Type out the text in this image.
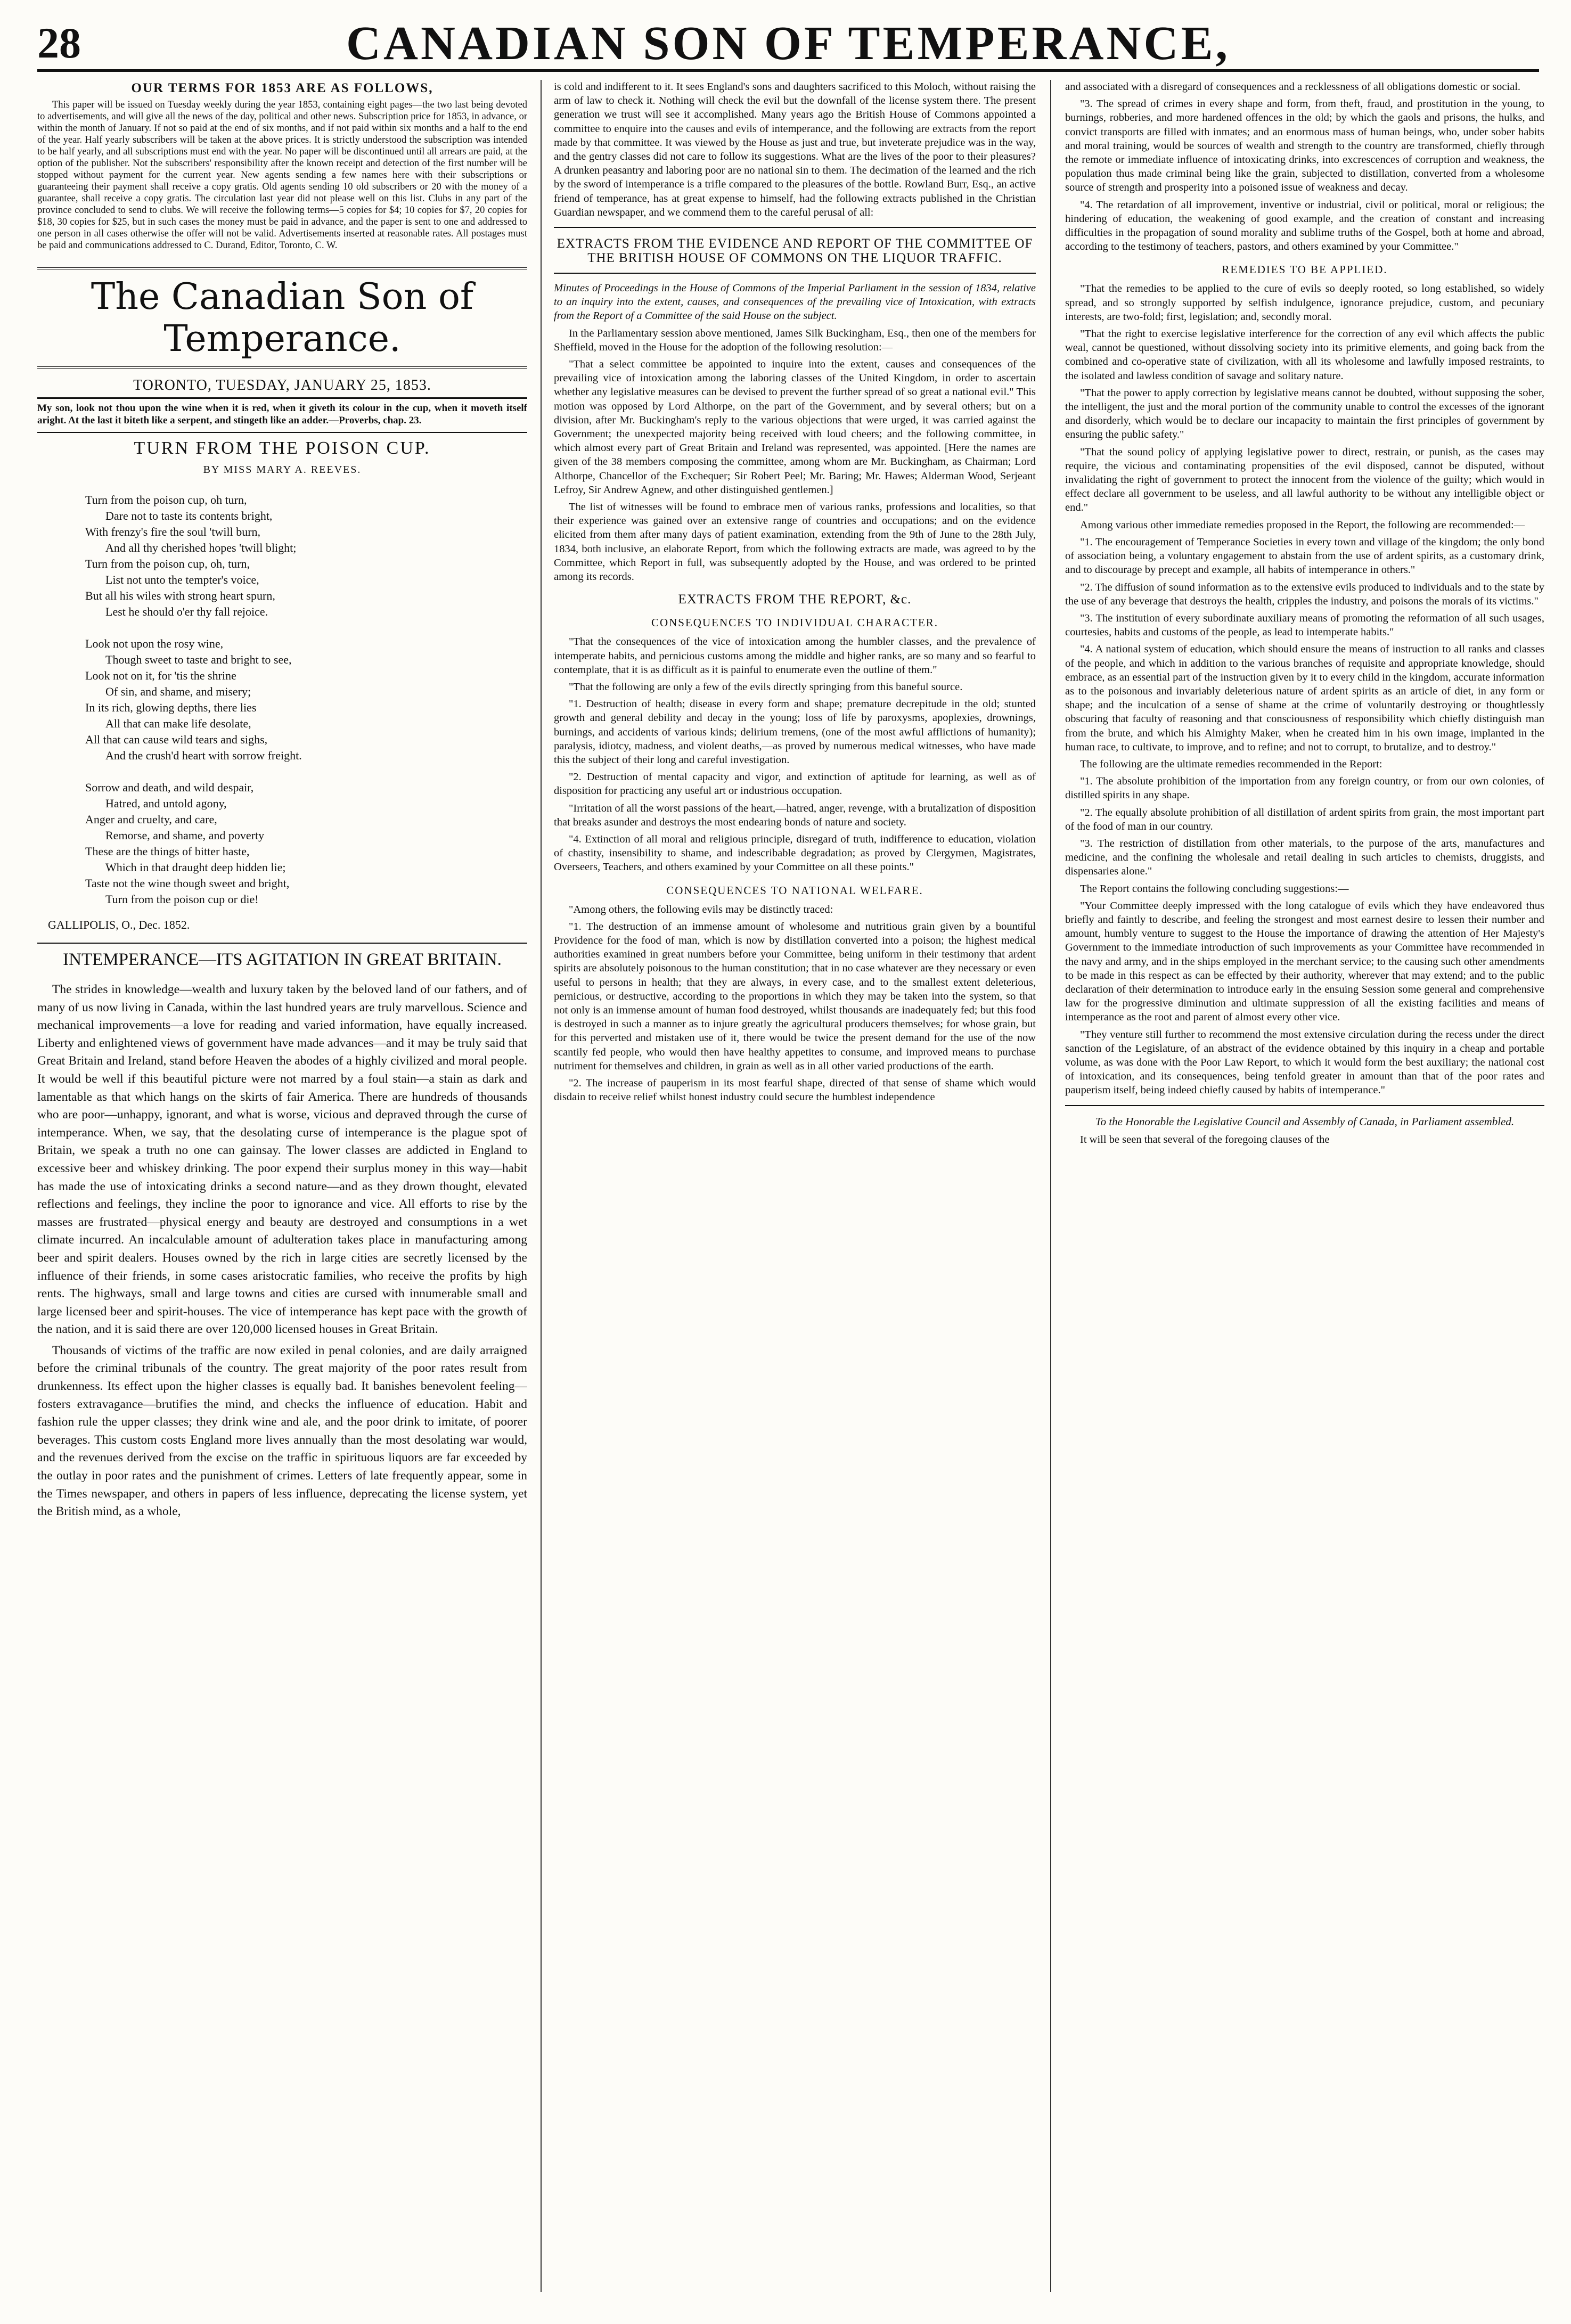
28	CANADIAN SON OF TEMPERANCE,
OUR TERMS FOR 1853 ARE AS FOLLOWS,

This paper will be issued on Tuesday weekly during the year 1853, containing eight pages—the two last being devoted to advertisements, and will give all the news of the day, political and other news. Subscription price for 1853, in advance, or within the month of January. If not so paid at the end of six months, and if not paid within six months and a half to the end of the year. Half yearly subscribers will be taken at the above prices. It is strictly understood the subscription was intended to be half yearly, and all subscriptions must end with the year. No paper will be discontinued until all arrears are paid, at the option of the publisher. Not the subscribers' responsibility after the known receipt and detection of the first number will be stopped without payment for the current year. New agents sending a few names here with their subscriptions or guaranteeing their payment shall receive a copy gratis. Old agents sending 10 old subscribers or 20 with the money of a guarantee, shall receive a copy gratis. The circulation last year did not please well on this list. Clubs in any part of the province concluded to send to clubs. We will receive the following terms—5 copies for $4; 10 copies for $7, 20 copies for $18, 30 copies for $25, but in such cases the money must be paid in advance, and the paper is sent to one and addressed to one person in all cases otherwise the offer will not be valid. Advertisements inserted at reasonable rates. All postages must be paid and communications addressed to C. Durand, Editor, Toronto, C. W.

The Canadian Son of Temperance.
TORONTO, TUESDAY, JANUARY 25, 1853.

My son, look not thou upon the wine when it is red, when it giveth its colour in the cup, when it moveth itself aright. At the last it biteth like a serpent, and stingeth like an adder.—Proverbs, chap. 23.

TURN FROM THE POISON CUP.
BY MISS MARY A. REEVES.
Turn from the poison cup, oh turn,
Dare not to taste its contents bright,
With frenzy's fire the soul 'twill burn,
And all thy cherished hopes 'twill blight;
Turn from the poison cup, oh, turn,
List not unto the tempter's voice,
But all his wiles with strong heart spurn,
Lest he should o'er thy fall rejoice.
Look not upon the rosy wine,
Though sweet to taste and bright to see,
Look not on it, for 'tis the shrine
Of sin, and shame, and misery;
In its rich, glowing depths, there lies
All that can make life desolate,
All that can cause wild tears and sighs,
And the crush'd heart with sorrow freight.
Sorrow and death, and wild despair,
Hatred, and untold agony,
Anger and cruelty, and care,
Remorse, and shame, and poverty
These are the things of bitter haste,
Which in that draught deep hidden lie;
Taste not the wine though sweet and bright,
Turn from the poison cup or die!
GALLIPOLIS, O., Dec. 1852.
INTEMPERANCE—ITS AGITATION IN GREAT BRITAIN.

The strides in knowledge—wealth and luxury taken by the beloved land of our fathers, and of many of us now living in Canada, within the last hundred years are truly marvellous. Science and mechanical improvements—a love for reading and varied information, have equally increased. Liberty and enlightened views of government have made advances—and it may be truly said that Great Britain and Ireland, stand before Heaven the abodes of a highly civilized and moral people. It would be well if this beautiful picture were not marred by a foul stain—a stain as dark and lamentable as that which hangs on the skirts of fair America. There are hundreds of thousands who are poor—unhappy, ignorant, and what is worse, vicious and depraved through the curse of intemperance. When, we say, that the desolating curse of intemperance is the plague spot of Britain, we speak a truth no one can gainsay. The lower classes are addicted in England to excessive beer and whiskey drinking. The poor expend their surplus money in this way—habit has made the use of intoxicating drinks a second nature—and as they drown thought, elevated reflections and feelings, they incline the poor to ignorance and vice. All efforts to rise by the masses are frustrated—physical energy and beauty are destroyed and consumptions in a wet climate incurred. An incalculable amount of adulteration takes place in manufacturing among beer and spirit dealers. Houses owned by the rich in large cities are secretly licensed by the influence of their friends, in some cases aristocratic families, who receive the profits by high rents. The highways, small and large towns and cities are cursed with innumerable small and large licensed beer and spirit-houses. The vice of intemperance has kept pace with the growth of the nation, and it is said there are over 120,000 licensed houses in Great Britain.

Thousands of victims of the traffic are now exiled in penal colonies, and are daily arraigned before the criminal tribunals of the country. The great majority of the poor rates result from drunkenness. Its effect upon the higher classes is equally bad. It banishes benevolent feeling—fosters extravagance—brutifies the mind, and checks the influence of education. Habit and fashion rule the upper classes; they drink wine and ale, and the poor drink to imitate, of poorer beverages. This custom costs England more lives annually than the most desolating war would, and the revenues derived from the excise on the traffic in spirituous liquors are far exceeded by the outlay in poor rates and the punishment of crimes. Letters of late frequently appear, some in the Times newspaper, and others in papers of less influence, deprecating the license system, yet the British mind, as a whole,

is cold and indifferent to it. It sees England's sons and daughters sacrificed to this Moloch, without raising the arm of law to check it. Nothing will check the evil but the downfall of the license system there. The present generation we trust will see it accomplished. Many years ago the British House of Commons appointed a committee to enquire into the causes and evils of intemperance, and the following are extracts from the report made by that committee. It was viewed by the House as just and true, but inveterate prejudice was in the way, and the gentry classes did not care to follow its suggestions. What are the lives of the poor to their pleasures? A drunken peasantry and laboring poor are no national sin to them. The decimation of the learned and the rich by the sword of intemperance is a trifle compared to the pleasures of the bottle. Rowland Burr, Esq., an active friend of temperance, has at great expense to himself, had the following extracts published in the Christian Guardian newspaper, and we commend them to the careful perusal of all:

EXTRACTS FROM THE EVIDENCE AND REPORT OF THE COMMITTEE OF THE BRITISH HOUSE OF COMMONS ON THE LIQUOR TRAFFIC.

Minutes of Proceedings in the House of Commons of the Imperial Parliament in the session of 1834, relative to an inquiry into the extent, causes, and consequences of the prevailing vice of Intoxication, with extracts from the Report of a Committee of the said House on the subject.

In the Parliamentary session above mentioned, James Silk Buckingham, Esq., then one of the members for Sheffield, moved in the House for the adoption of the following resolution:—

"That a select committee be appointed to inquire into the extent, causes and consequences of the prevailing vice of intoxication among the laboring classes of the United Kingdom, in order to ascertain whether any legislative measures can be devised to prevent the further spread of so great a national evil." This motion was opposed by Lord Althorpe, on the part of the Government, and by several others; but on a division, after Mr. Buckingham's reply to the various objections that were urged, it was carried against the Government; the unexpected majority being received with loud cheers; and the following committee, in which almost every part of Great Britain and Ireland was represented, was appointed. [Here the names are given of the 38 members composing the committee, among whom are Mr. Buckingham, as Chairman; Lord Althorpe, Chancellor of the Exchequer; Sir Robert Peel; Mr. Baring; Mr. Hawes; Alderman Wood, Serjeant Lefroy, Sir Andrew Agnew, and other distinguished gentlemen.]

The list of witnesses will be found to embrace men of various ranks, professions and localities, so that their experience was gained over an extensive range of countries and occupations; and on the evidence elicited from them after many days of patient examination, extending from the 9th of June to the 28th July, 1834, both inclusive, an elaborate Report, from which the following extracts are made, was agreed to by the Committee, which Report in full, was subsequently adopted by the House, and was ordered to be printed among its records.

EXTRACTS FROM THE REPORT, &c.
CONSEQUENCES TO INDIVIDUAL CHARACTER.

"That the consequences of the vice of intoxication among the humbler classes, and the prevalence of intemperate habits, and pernicious customs among the middle and higher ranks, are so many and so fearful to contemplate, that it is as difficult as it is painful to enumerate even the outline of them."

"That the following are only a few of the evils directly springing from this baneful source.

"1. Destruction of health; disease in every form and shape; premature decrepitude in the old; stunted growth and general debility and decay in the young; loss of life by paroxysms, apoplexies, drownings, burnings, and accidents of various kinds; delirium tremens, (one of the most awful afflictions of humanity); paralysis, idiotcy, madness, and violent deaths,—as proved by numerous medical witnesses, who have made this the subject of their long and careful investigation.

"2. Destruction of mental capacity and vigor, and extinction of aptitude for learning, as well as of disposition for practicing any useful art or industrious occupation.

"Irritation of all the worst passions of the heart,—hatred, anger, revenge, with a brutalization of disposition that breaks asunder and destroys the most endearing bonds of nature and society.

"4. Extinction of all moral and religious principle, disregard of truth, indifference to education, violation of chastity, insensibility to shame, and indescribable degradation; as proved by Clergymen, Magistrates, Overseers, Teachers, and others examined by your Committee on all these points."

CONSEQUENCES TO NATIONAL WELFARE.

"Among others, the following evils may be distinctly traced:

"1. The destruction of an immense amount of wholesome and nutritious grain given by a bountiful Providence for the food of man, which is now by distillation converted into a poison; the highest medical authorities examined in great numbers before your Committee, being uniform in their testimony that ardent spirits are absolutely poisonous to the human constitution; that in no case whatever are they necessary or even useful to persons in health; that they are always, in every case, and to the smallest extent deleterious, pernicious, or destructive, according to the proportions in which they may be taken into the system, so that not only is an immense amount of human food destroyed, whilst thousands are inadequately fed; but this food is destroyed in such a manner as to injure greatly the agricultural producers themselves; for whose grain, but for this perverted and mistaken use of it, there would be twice the present demand for the use of the now scantily fed people, who would then have healthy appetites to consume, and improved means to purchase nutriment for themselves and children, in grain as well as in all other varied productions of the earth.

"2. The increase of pauperism in its most fearful shape, directed of that sense of shame which would disdain to receive relief whilst honest industry could secure the humblest independence

and associated with a disregard of consequences and a recklessness of all obligations domestic or social.

"3. The spread of crimes in every shape and form, from theft, fraud, and prostitution in the young, to burnings, robberies, and more hardened offences in the old; by which the gaols and prisons, the hulks, and convict transports are filled with inmates; and an enormous mass of human beings, who, under sober habits and moral training, would be sources of wealth and strength to the country are transformed, chiefly through the remote or immediate influence of intoxicating drinks, into excrescences of corruption and weakness, the population thus made criminal being like the grain, subjected to distillation, converted from a wholesome source of strength and prosperity into a poisoned issue of weakness and decay.

"4. The retardation of all improvement, inventive or industrial, civil or political, moral or religious; the hindering of education, the weakening of good example, and the creation of constant and increasing difficulties in the propagation of sound morality and sublime truths of the Gospel, both at home and abroad, according to the testimony of teachers, pastors, and others examined by your Committee."

REMEDIES TO BE APPLIED.

"That the remedies to be applied to the cure of evils so deeply rooted, so long established, so widely spread, and so strongly supported by selfish indulgence, ignorance prejudice, custom, and pecuniary interests, are two-fold; first, legislation; and, secondly moral.

"That the right to exercise legislative interference for the correction of any evil which affects the public weal, cannot be questioned, without dissolving society into its primitive elements, and going back from the combined and co-operative state of civilization, with all its wholesome and lawfully imposed restraints, to the isolated and lawless condition of savage and solitary nature.

"That the power to apply correction by legislative means cannot be doubted, without supposing the sober, the intelligent, the just and the moral portion of the community unable to control the excesses of the ignorant and disorderly, which would be to declare our incapacity to maintain the first principles of government by ensuring the public safety."

"That the sound policy of applying legislative power to direct, restrain, or punish, as the cases may require, the vicious and contaminating propensities of the evil disposed, cannot be disputed, without invalidating the right of government to protect the innocent from the violence of the guilty; which would in effect declare all government to be useless, and all lawful authority to be without any intelligible object or end."

Among various other immediate remedies proposed in the Report, the following are recommended:—

"1. The encouragement of Temperance Societies in every town and village of the kingdom; the only bond of association being, a voluntary engagement to abstain from the use of ardent spirits, as a customary drink, and to discourage by precept and example, all habits of intemperance in others."

"2. The diffusion of sound information as to the extensive evils produced to individuals and to the state by the use of any beverage that destroys the health, cripples the industry, and poisons the morals of its victims."

"3. The institution of every subordinate auxiliary means of promoting the reformation of all such usages, courtesies, habits and customs of the people, as lead to intemperate habits."

"4. A national system of education, which should ensure the means of instruction to all ranks and classes of the people, and which in addition to the various branches of requisite and appropriate knowledge, should embrace, as an essential part of the instruction given by it to every child in the kingdom, accurate information as to the poisonous and invariably deleterious nature of ardent spirits as an article of diet, in any form or shape; and the inculcation of a sense of shame at the crime of voluntarily destroying or thoughtlessly obscuring that faculty of reasoning and that consciousness of responsibility which chiefly distinguish man from the brute, and which his Almighty Maker, when he created him in his own image, implanted in the human race, to cultivate, to improve, and to refine; and not to corrupt, to brutalize, and to destroy."

The following are the ultimate remedies recommended in the Report:

"1. The absolute prohibition of the importation from any foreign country, or from our own colonies, of distilled spirits in any shape.

"2. The equally absolute prohibition of all distillation of ardent spirits from grain, the most important part of the food of man in our country.

"3. The restriction of distillation from other materials, to the purpose of the arts, manufactures and medicine, and the confining the wholesale and retail dealing in such articles to chemists, druggists, and dispensaries alone."

The Report contains the following concluding suggestions:—

"Your Committee deeply impressed with the long catalogue of evils which they have endeavored thus briefly and faintly to describe, and feeling the strongest and most earnest desire to lessen their number and amount, humbly venture to suggest to the House the importance of drawing the attention of Her Majesty's Government to the immediate introduction of such improvements as your Committee have recommended in the navy and army, and in the ships employed in the merchant service; to the causing such other amendments to be made in this respect as can be effected by their authority, wherever that may extend; and to the public declaration of their determination to introduce early in the ensuing Session some general and comprehensive law for the progressive diminution and ultimate suppression of all the existing facilities and means of intemperance as the root and parent of almost every other vice.

"They venture still further to recommend the most extensive circulation during the recess under the direct sanction of the Legislature, of an abstract of the evidence obtained by this inquiry in a cheap and portable volume, as was done with the Poor Law Report, to which it would form the best auxiliary; the national cost of intoxication, and its consequences, being tenfold greater in amount than that of the poor rates and pauperism itself, being indeed chiefly caused by habits of intemperance."

To the Honorable the Legislative Council and Assembly of Canada, in Parliament assembled.

It will be seen that several of the foregoing clauses of the
